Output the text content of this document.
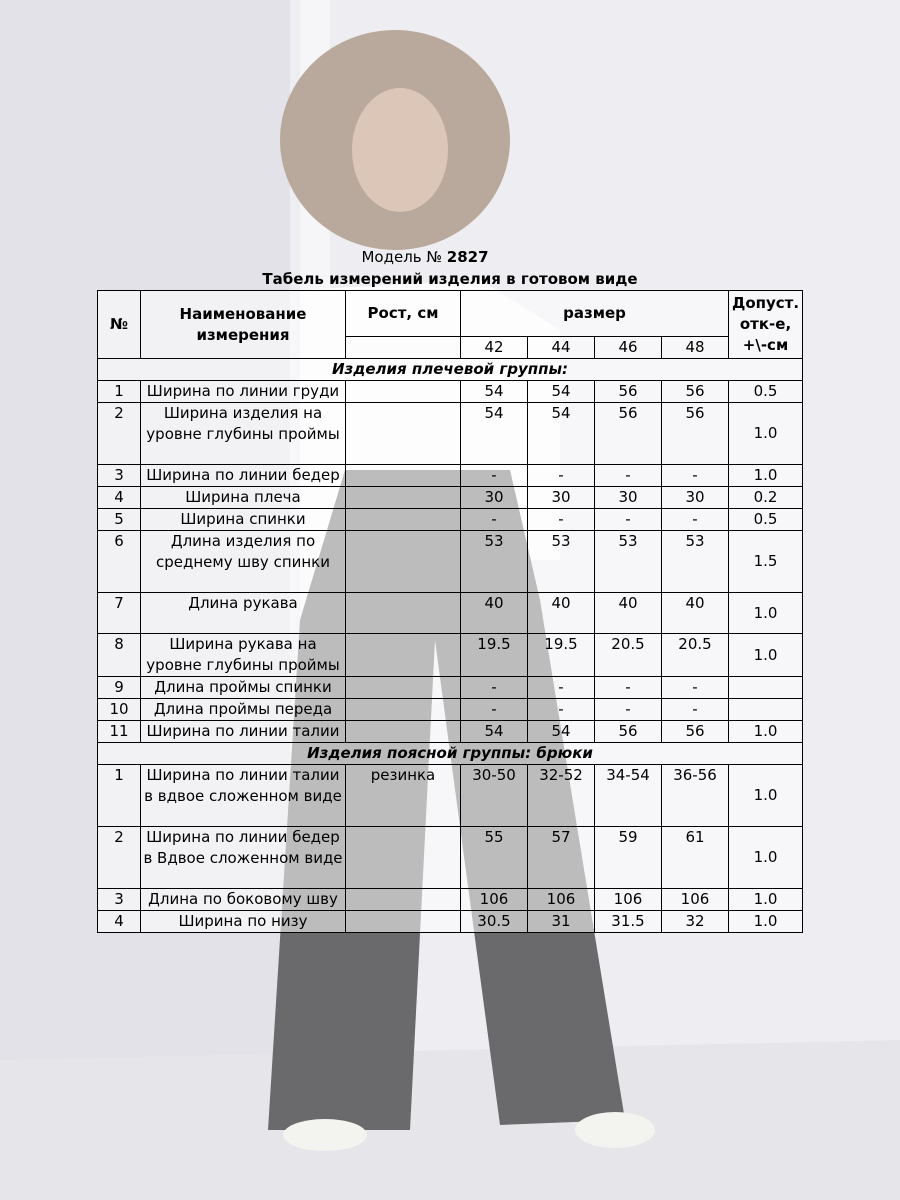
Модель № 2827
Табель измерений изделия в готовом виде
№	Наименование измерения	Рост, см	размер				Допуст. отк-е, +\-см
			42	44	46	48	
Изделия плечевой группы:							
1	Ширина по линии груди		54	54	56	56	0.5
2	Ширина изделия на уровне глубины проймы		54	54	56	56	1.0
3	Ширина по линии бедер		-	-	-	-	1.0
4	Ширина плеча		30	30	30	30	0.2
5	Ширина спинки		-	-	-	-	0.5
6	Длина изделия по среднему шву спинки		53	53	53	53	1.5
7	Длина рукава		40	40	40	40	1.0
8	Ширина рукава на уровне глубины проймы		19.5	19.5	20.5	20.5	1.0
9	Длина проймы спинки		-	-	-	-	
10	Длина проймы переда		-	-	-	-	
11	Ширина по линии талии		54	54	56	56	1.0
Изделия поясной группы: брюки							
1	Ширина по линии талии в вдвое сложенном виде	резинка	30-50	32-52	34-54	36-56	1.0
2	Ширина по линии бедер в Вдвое сложенном виде		55	57	59	61	1.0
3	Длина по боковому шву		106	106	106	106	1.0
4	Ширина по низу		30.5	31	31.5	32	1.0
